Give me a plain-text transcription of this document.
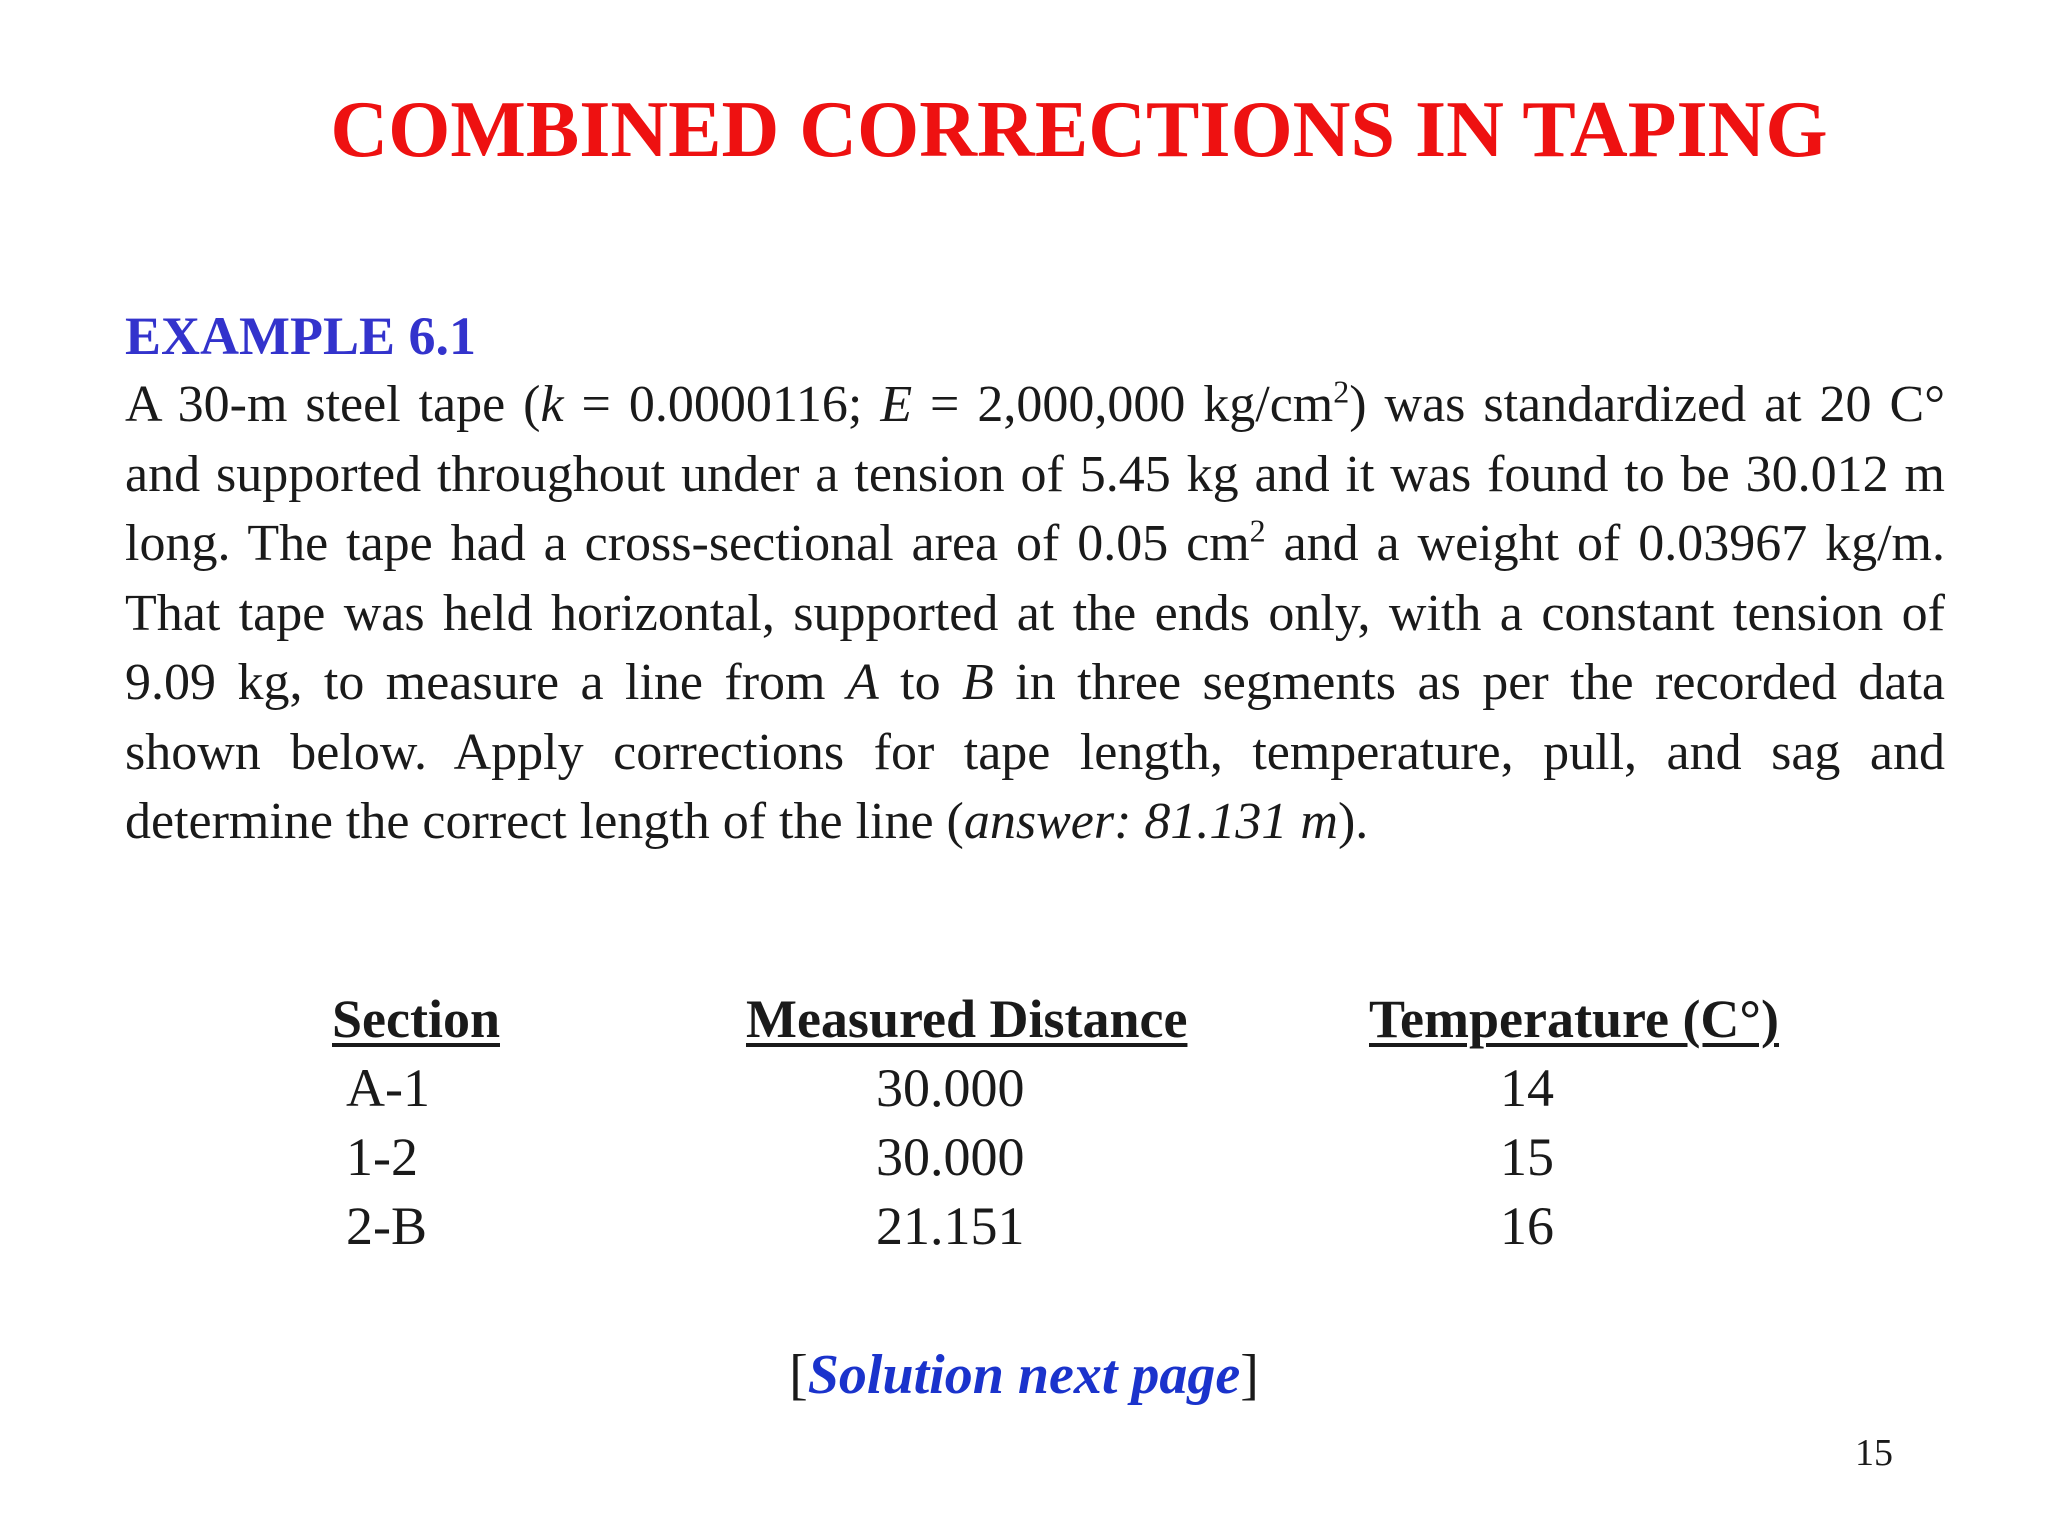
COMBINED CORRECTIONS IN TAPING
EXAMPLE 6.1

A 30-m steel tape (k = 0.0000116; E = 2,000,000 $kg/cm^2$) was standardized at 20 C° and supported throughout under a tension of 5.45 kg and it was found to be 30.012 m long. The tape had a cross-sectional area of 0.05 $cm^2$ and a weight of 0.03967 kg/m. That tape was held horizontal, supported at the ends only, with a constant tension of 9.09 kg, to measure a line from A to B in three segments as per the recorded data shown below. Apply corrections for tape length, temperature, pull, and sag and determine the correct length of the line (answer: 81.131 m).

Section
A-1
1-2
2-B
Measured Distance
30.000
30.000
21.151
Temperature (C°)
14
15
16
[Solution next page]
15
